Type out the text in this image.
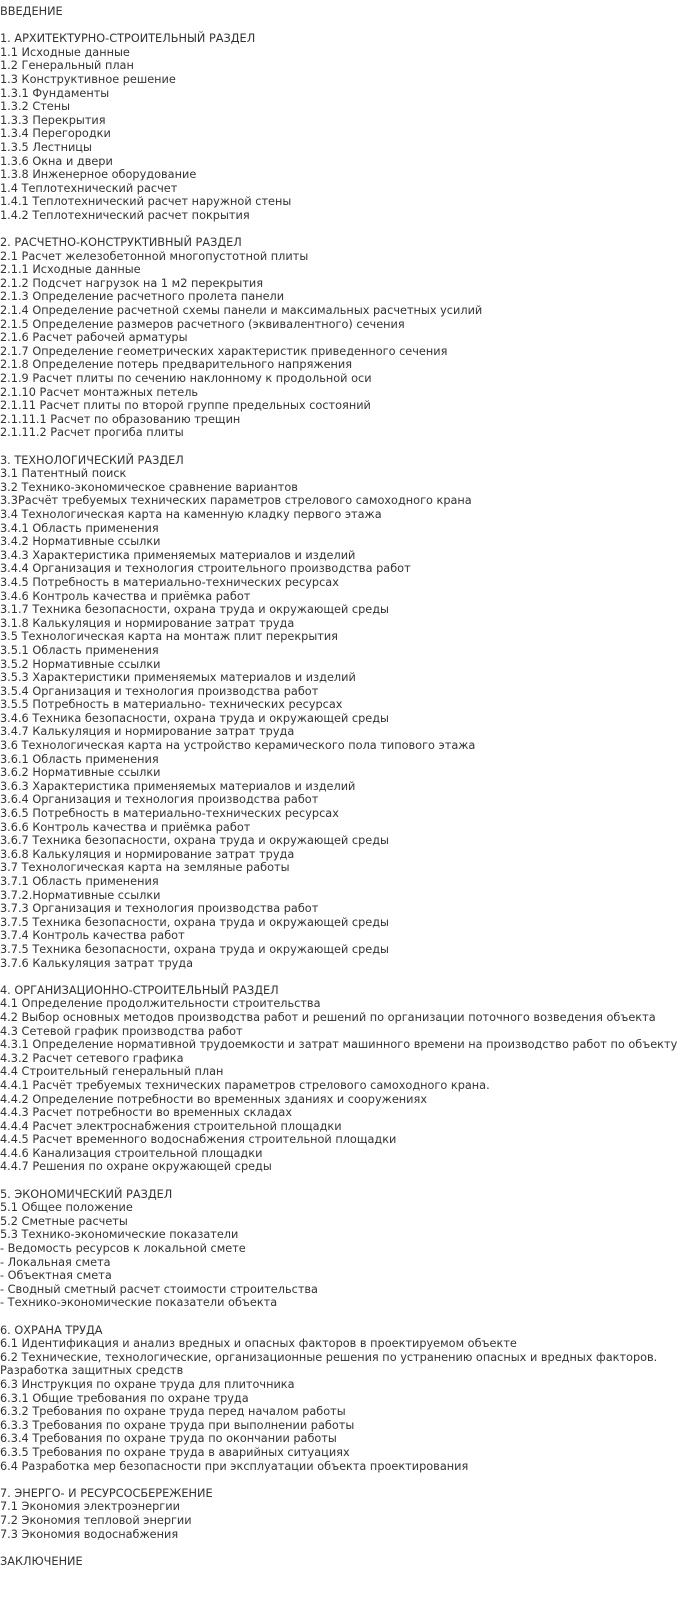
ВВЕДЕНИЕ
1. АРХИТЕКТУРНО-СТРОИТЕЛЬНЫЙ РАЗДЕЛ
1.1 Исходные данные
1.2 Генеральный план
1.3 Конструктивное решение
1.3.1 Фундаменты
1.3.2 Стены
1.3.3 Перекрытия
1.3.4 Перегородки
1.3.5 Лестницы
1.3.6 Окна и двери
1.3.8 Инженерное оборудование
1.4 Теплотехнический расчет
1.4.1 Теплотехнический расчет наружной стены
1.4.2 Теплотехнический расчет покрытия
2. РАСЧЕТНО-КОНСТРУКТИВНЫЙ РАЗДЕЛ
2.1 Расчет железобетонной многопустотной плиты
2.1.1 Исходные данные
2.1.2 Подсчет нагрузок на 1 м2 перекрытия
2.1.3 Определение расчетного пролета панели
2.1.4 Определение расчетной схемы панели и максимальных расчетных усилий
2.1.5 Определение размеров расчетного (эквивалентного) сечения
2.1.6 Расчет рабочей арматуры
2.1.7 Определение геометрических характеристик приведенного сечения
2.1.8 Определение потерь предварительного напряжения
2.1.9 Расчет плиты по сечению наклонному к продольной оси
2.1.10 Расчет монтажных петель
2.1.11 Расчет плиты по второй группе предельных состояний
2.1.11.1 Расчет по образованию трещин
2.1.11.2 Расчет прогиба плиты
3. ТЕХНОЛОГИЧЕСКИЙ РАЗДЕЛ
3.1 Патентный поиск
3.2 Технико-экономическое сравнение вариантов
3.3Расчёт требуемых технических параметров стрелового самоходного крана
3.4 Технологическая карта на каменную кладку первого этажа
3.4.1 Область применения
3.4.2 Нормативные ссылки
3.4.3 Характеристика применяемых материалов и изделий
3.4.4 Организация и технология строительного производства работ
3.4.5 Потребность в материально-технических ресурсах
3.4.6 Контроль качества и приёмка работ
3.1.7 Техника безопасности, охрана труда и окружающей среды
3.1.8 Калькуляция и нормирование затрат труда
3.5 Технологическая карта на монтаж плит перекрытия
3.5.1 Область применения
3.5.2 Нормативные ссылки
3.5.3 Характеристики применяемых материалов и изделий
3.5.4 Организация и технология производства работ
3.5.5 Потребность в материально- технических ресурсах
3.4.6 Техника безопасности, охрана труда и окружающей среды
3.4.7 Калькуляция и нормирование затрат труда
3.6 Технологическая карта на устройство керамического пола типового этажа
3.6.1 Область применения
3.6.2 Нормативные ссылки
3.6.3 Характеристика применяемых материалов и изделий
3.6.4 Организация и технология производства работ
3.6.5 Потребность в материально-технических ресурсах
3.6.6 Контроль качества и приёмка работ
3.6.7 Техника безопасности, охрана труда и окружающей среды
3.6.8 Калькуляция и нормирование затрат труда
3.7 Технологическая карта на земляные работы
3.7.1 Область применения
3.7.2.Нормативные ссылки
3.7.3 Организация и технология производства работ
3.7.5 Техника безопасности, охрана труда и окружающей среды
3.7.4 Контроль качества работ
3.7.5 Техника безопасности, охрана труда и окружающей среды
3.7.6 Калькуляция затрат труда
4. ОРГАНИЗАЦИОННО-СТРОИТЕЛЬНЫЙ РАЗДЕЛ
4.1 Определение продолжительности строительства
4.2 Выбор основных методов производства работ и решений по организации поточного возведения объекта
4.3 Сетевой график производства работ
4.3.1 Определение нормативной трудоемкости и затрат машинного времени на производство работ по объекту
4.3.2 Расчет сетевого графика
4.4 Строительный генеральный план
4.4.1 Расчёт требуемых технических параметров стрелового самоходного крана.
4.4.2 Определение потребности во временных зданиях и сооружениях
4.4.3 Расчет потребности во временных складах
4.4.4 Расчет электроснабжения строительной площадки
4.4.5 Расчет временного водоснабжения строительной площадки
4.4.6 Канализация строительной площадки
4.4.7 Решения по охране окружающей среды
5. ЭКОНОМИЧЕСКИЙ РАЗДЕЛ
5.1 Общее положение
5.2 Сметные расчеты
5.3 Технико-экономические показатели
- Ведомость ресурсов к локальной смете
- Локальная смета
- Объектная смета
- Сводный сметный расчет стоимости строительства
- Технико-экономические показатели объекта
6. ОХРАНА ТРУДА
6.1 Идентификация и анализ вредных и опасных факторов в проектируемом объекте
6.2 Технические, технологические, организационные решения по устранению опасных и вредных факторов. Разработка защитных средств
6.3 Инструкция по охране труда для плиточника
6.3.1 Общие требования по охране труда
6.3.2 Требования по охране труда перед началом работы
6.3.3 Требования по охране труда при выполнении работы
6.3.4 Требования по охране труда по окончании работы
6.3.5 Требования по охране труда в аварийных ситуациях
6.4 Разработка мер безопасности при эксплуатации объекта проектирования
7. ЭНЕРГО- И РЕСУРСОСБЕРЕЖЕНИЕ
7.1 Экономия электроэнергии
7.2 Экономия тепловой энергии
7.3 Экономия водоснабжения
ЗАКЛЮЧЕНИЕ
